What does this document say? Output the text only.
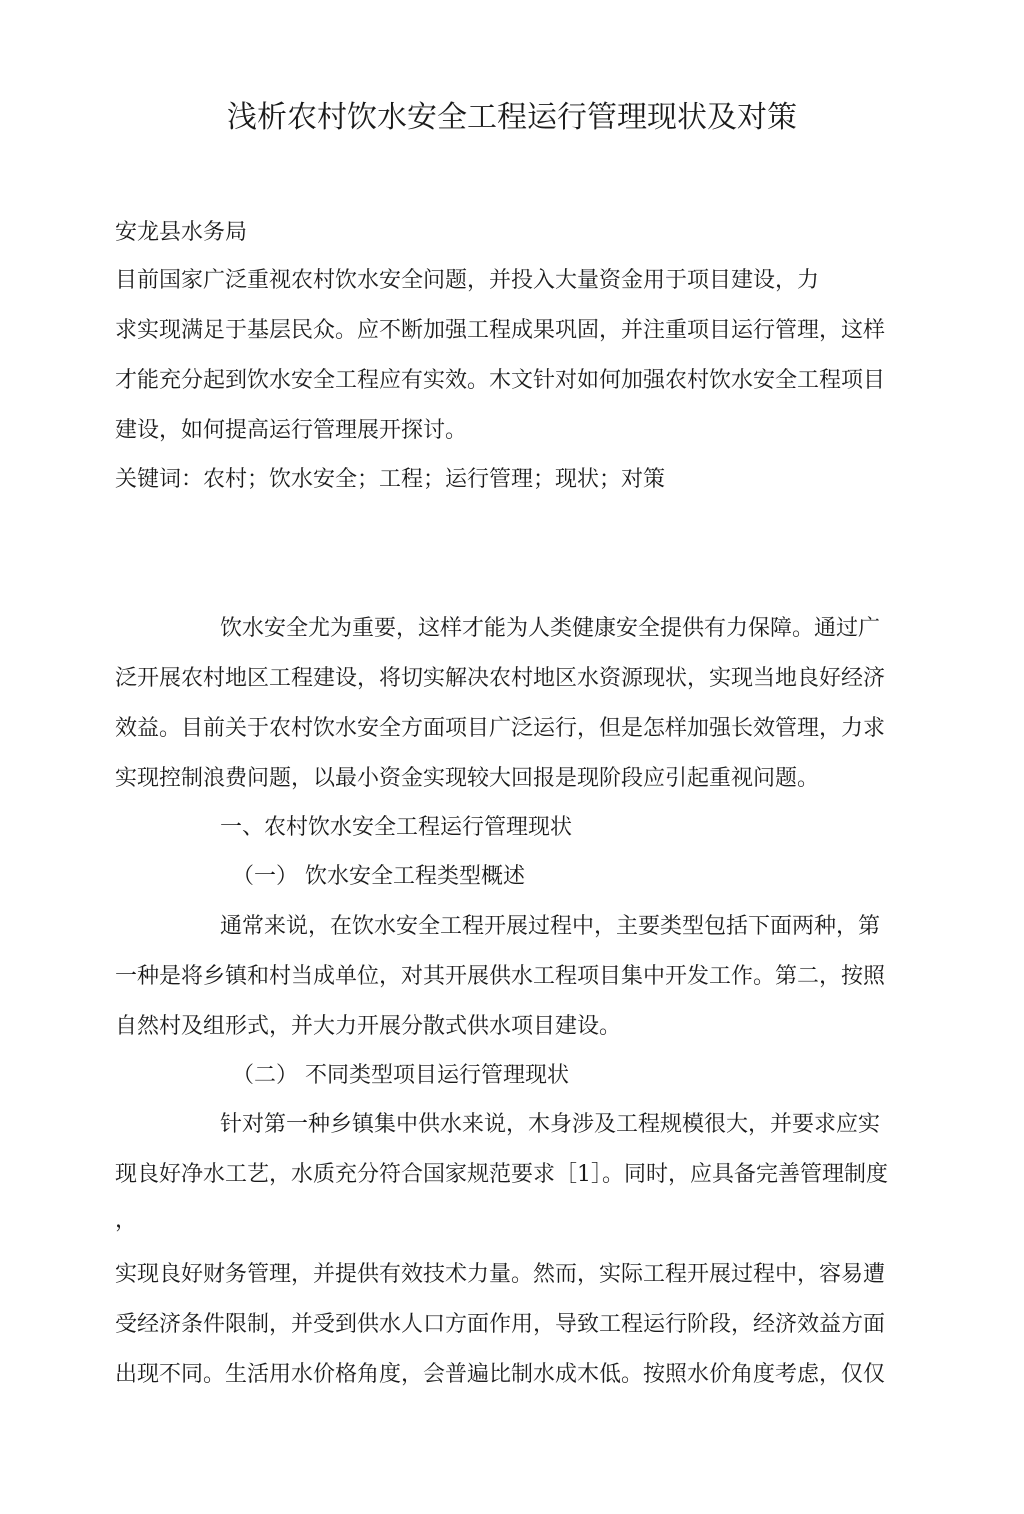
浅析农村饮水安全工程运行管理现状及对策
安龙县水务局
目前国家广泛重视农村饮水安全问题，并投入大量资金用于项目建设，力
求实现满足于基层民众。应不断加强工程成果巩固，并注重项目运行管理，这样
才能充分起到饮水安全工程应有实效。木文针对如何加强农村饮水安全工程项目
建设，如何提高运行管理展开探讨。
关键词：农村；饮水安全；工程；运行管理；现状；对策
饮水安全尤为重要，这样才能为人类健康安全提供有力保障。通过广
泛开展农村地区工程建设，将切实解决农村地区水资源现状，实现当地良好经济
效益。目前关于农村饮水安全方面项目广泛运行，但是怎样加强长效管理，力求
实现控制浪费问题，以最小资金实现较大回报是现阶段应引起重视问题。
一、农村饮水安全工程运行管理现状
（一） 饮水安全工程类型概述
通常来说，在饮水安全工程开展过程中，主要类型包括下面两种，第
一种是将乡镇和村当成单位，对其开展供水工程项目集中开发工作。第二，按照
自然村及组形式，并大力开展分散式供水项目建设。
（二） 不同类型项目运行管理现状
针对第一种乡镇集中供水来说，木身涉及工程规模很大，并要求应实
现良好净水工艺，水质充分符合国家规范要求［1］。同时，应具备完善管理制度
，
实现良好财务管理，并提供有效技术力量。然而，实际工程开展过程中，容易遭
受经济条件限制，并受到供水人口方面作用，导致工程运行阶段，经济效益方面
出现不同。生活用水价格角度，会普遍比制水成木低。按照水价角度考虑，仅仅
